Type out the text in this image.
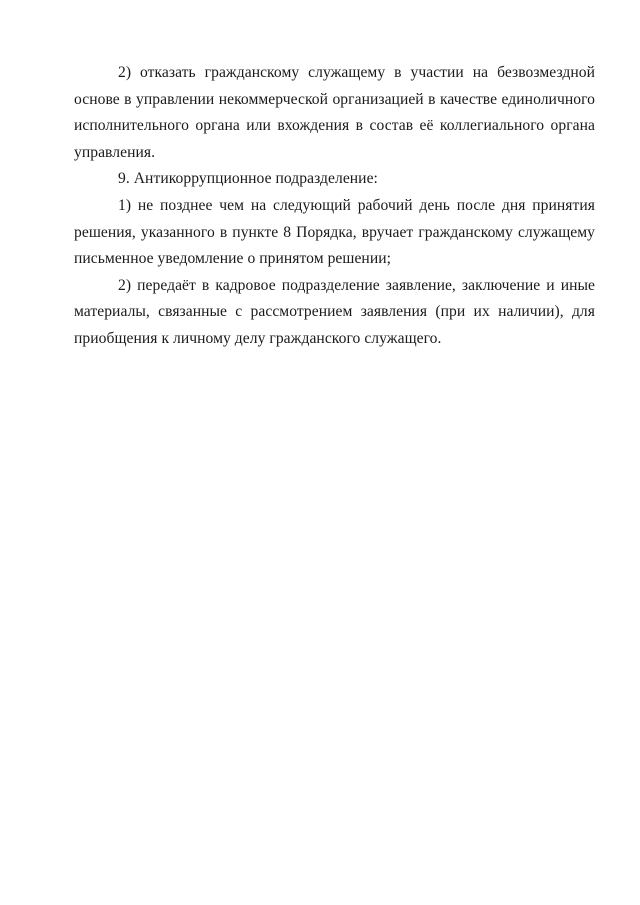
2) отказать гражданскому служащему в участии на безвозмездной основе в управлении некоммерческой организацией в качестве единоличного исполнительного органа или вхождения в состав её коллегиального органа управления.

9. Антикоррупционное подразделение:

1) не позднее чем на следующий рабочий день после дня принятия решения, указанного в пункте 8 Порядка, вручает гражданскому служащему письменное уведомление о принятом решении;

2) передаёт в кадровое подразделение заявление, заключение и иные материалы, связанные с рассмотрением заявления (при их наличии), для приобщения к личному делу гражданского служащего.
